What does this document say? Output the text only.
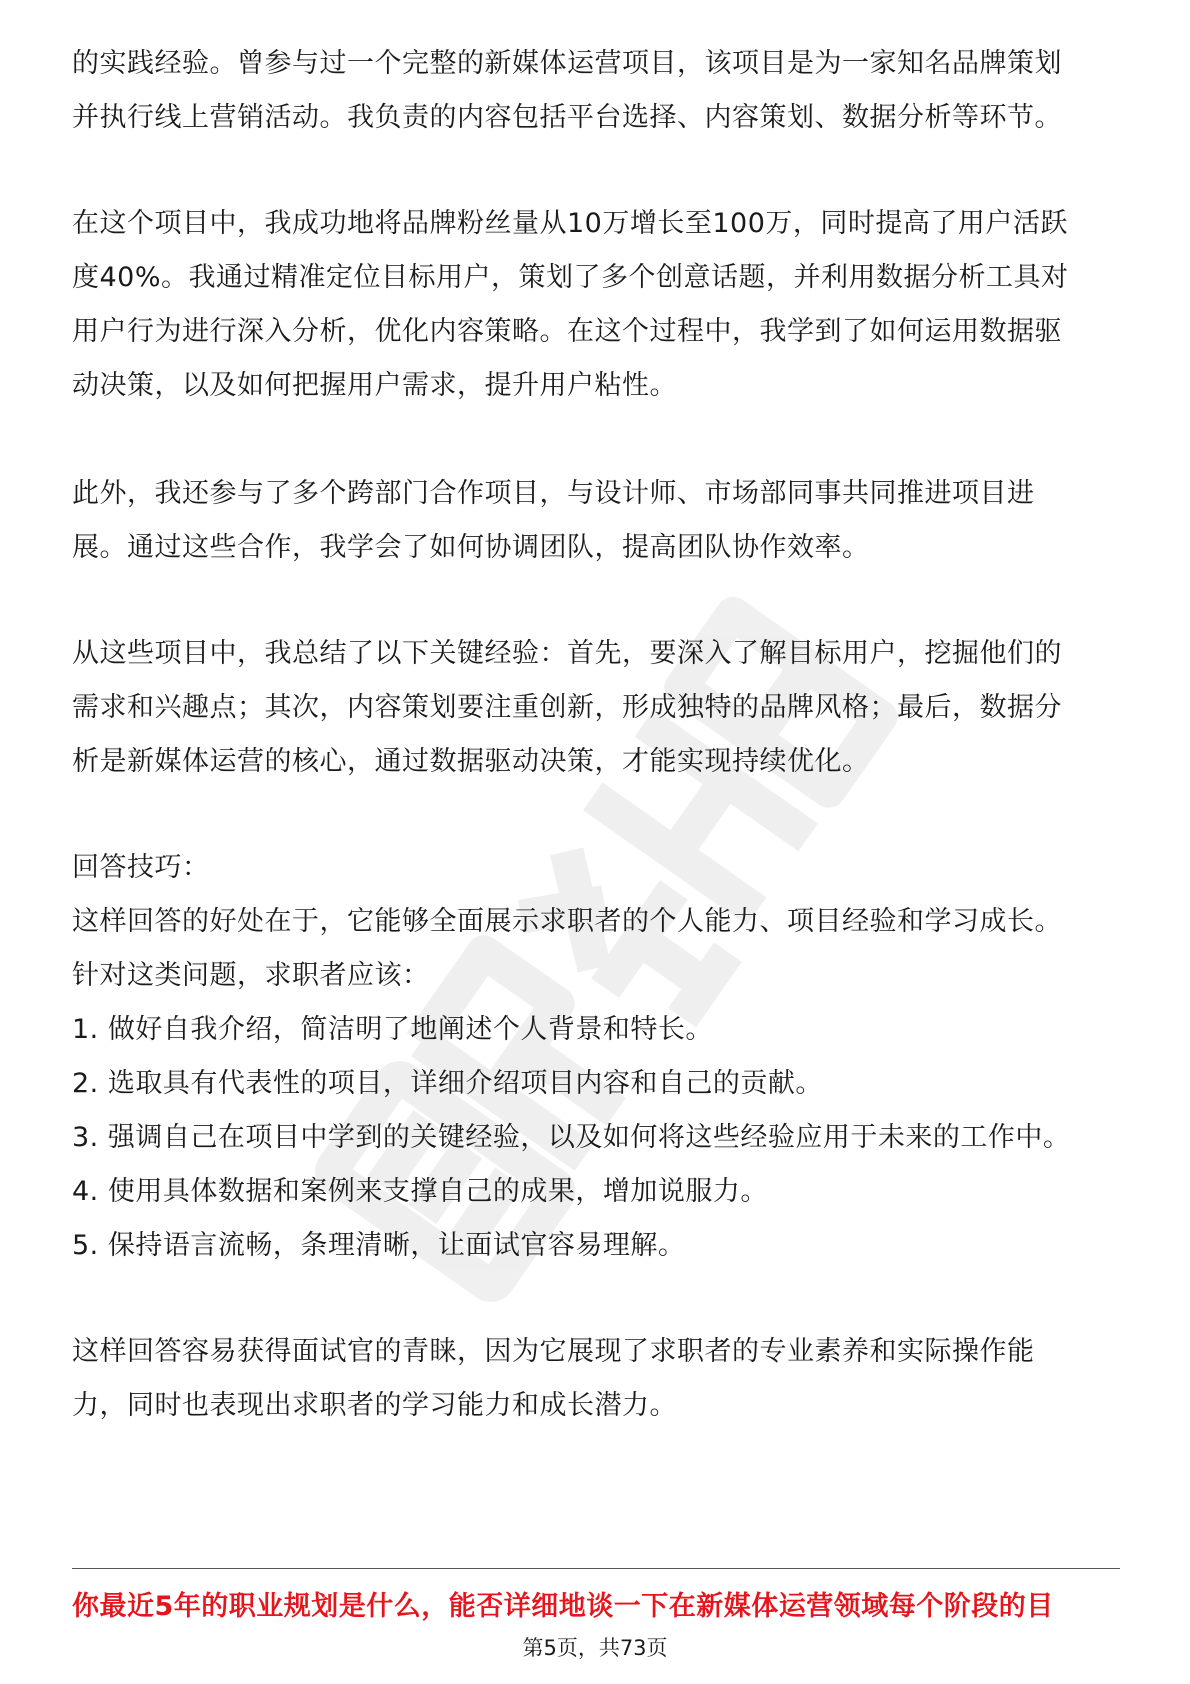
的实践经验。曾参与过一个完整的新媒体运营项目，该项目是为一家知名品牌策划
并执行线上营销活动。我负责的内容包括平台选择、内容策划、数据分析等环节。
在这个项目中，我成功地将品牌粉丝量从10万增长至100万，同时提高了用户活跃
度40%。我通过精准定位目标用户，策划了多个创意话题，并利用数据分析工具对
用户行为进行深入分析，优化内容策略。在这个过程中，我学到了如何运用数据驱
动决策，以及如何把握用户需求，提升用户粘性。
此外，我还参与了多个跨部门合作项目，与设计师、市场部同事共同推进项目进
展。通过这些合作，我学会了如何协调团队，提高团队协作效率。
从这些项目中，我总结了以下关键经验：首先，要深入了解目标用户，挖掘他们的
需求和兴趣点；其次，内容策划要注重创新，形成独特的品牌风格；最后，数据分
析是新媒体运营的核心，通过数据驱动决策，才能实现持续优化。
回答技巧：
这样回答的好处在于，它能够全面展示求职者的个人能力、项目经验和学习成长。
针对这类问题，求职者应该：
1. 做好自我介绍，简洁明了地阐述个人背景和特长。
2. 选取具有代表性的项目，详细介绍项目内容和自己的贡献。
3. 强调自己在项目中学到的关键经验，以及如何将这些经验应用于未来的工作中。
4. 使用具体数据和案例来支撑自己的成果，增加说服力。
5. 保持语言流畅，条理清晰，让面试官容易理解。
这样回答容易获得面试官的青睐，因为它展现了求职者的专业素养和实际操作能
力，同时也表现出求职者的学习能力和成长潜力。
你最近5年的职业规划是什么，能否详细地谈一下在新媒体运营领域每个阶段的目
第5页，共73页
